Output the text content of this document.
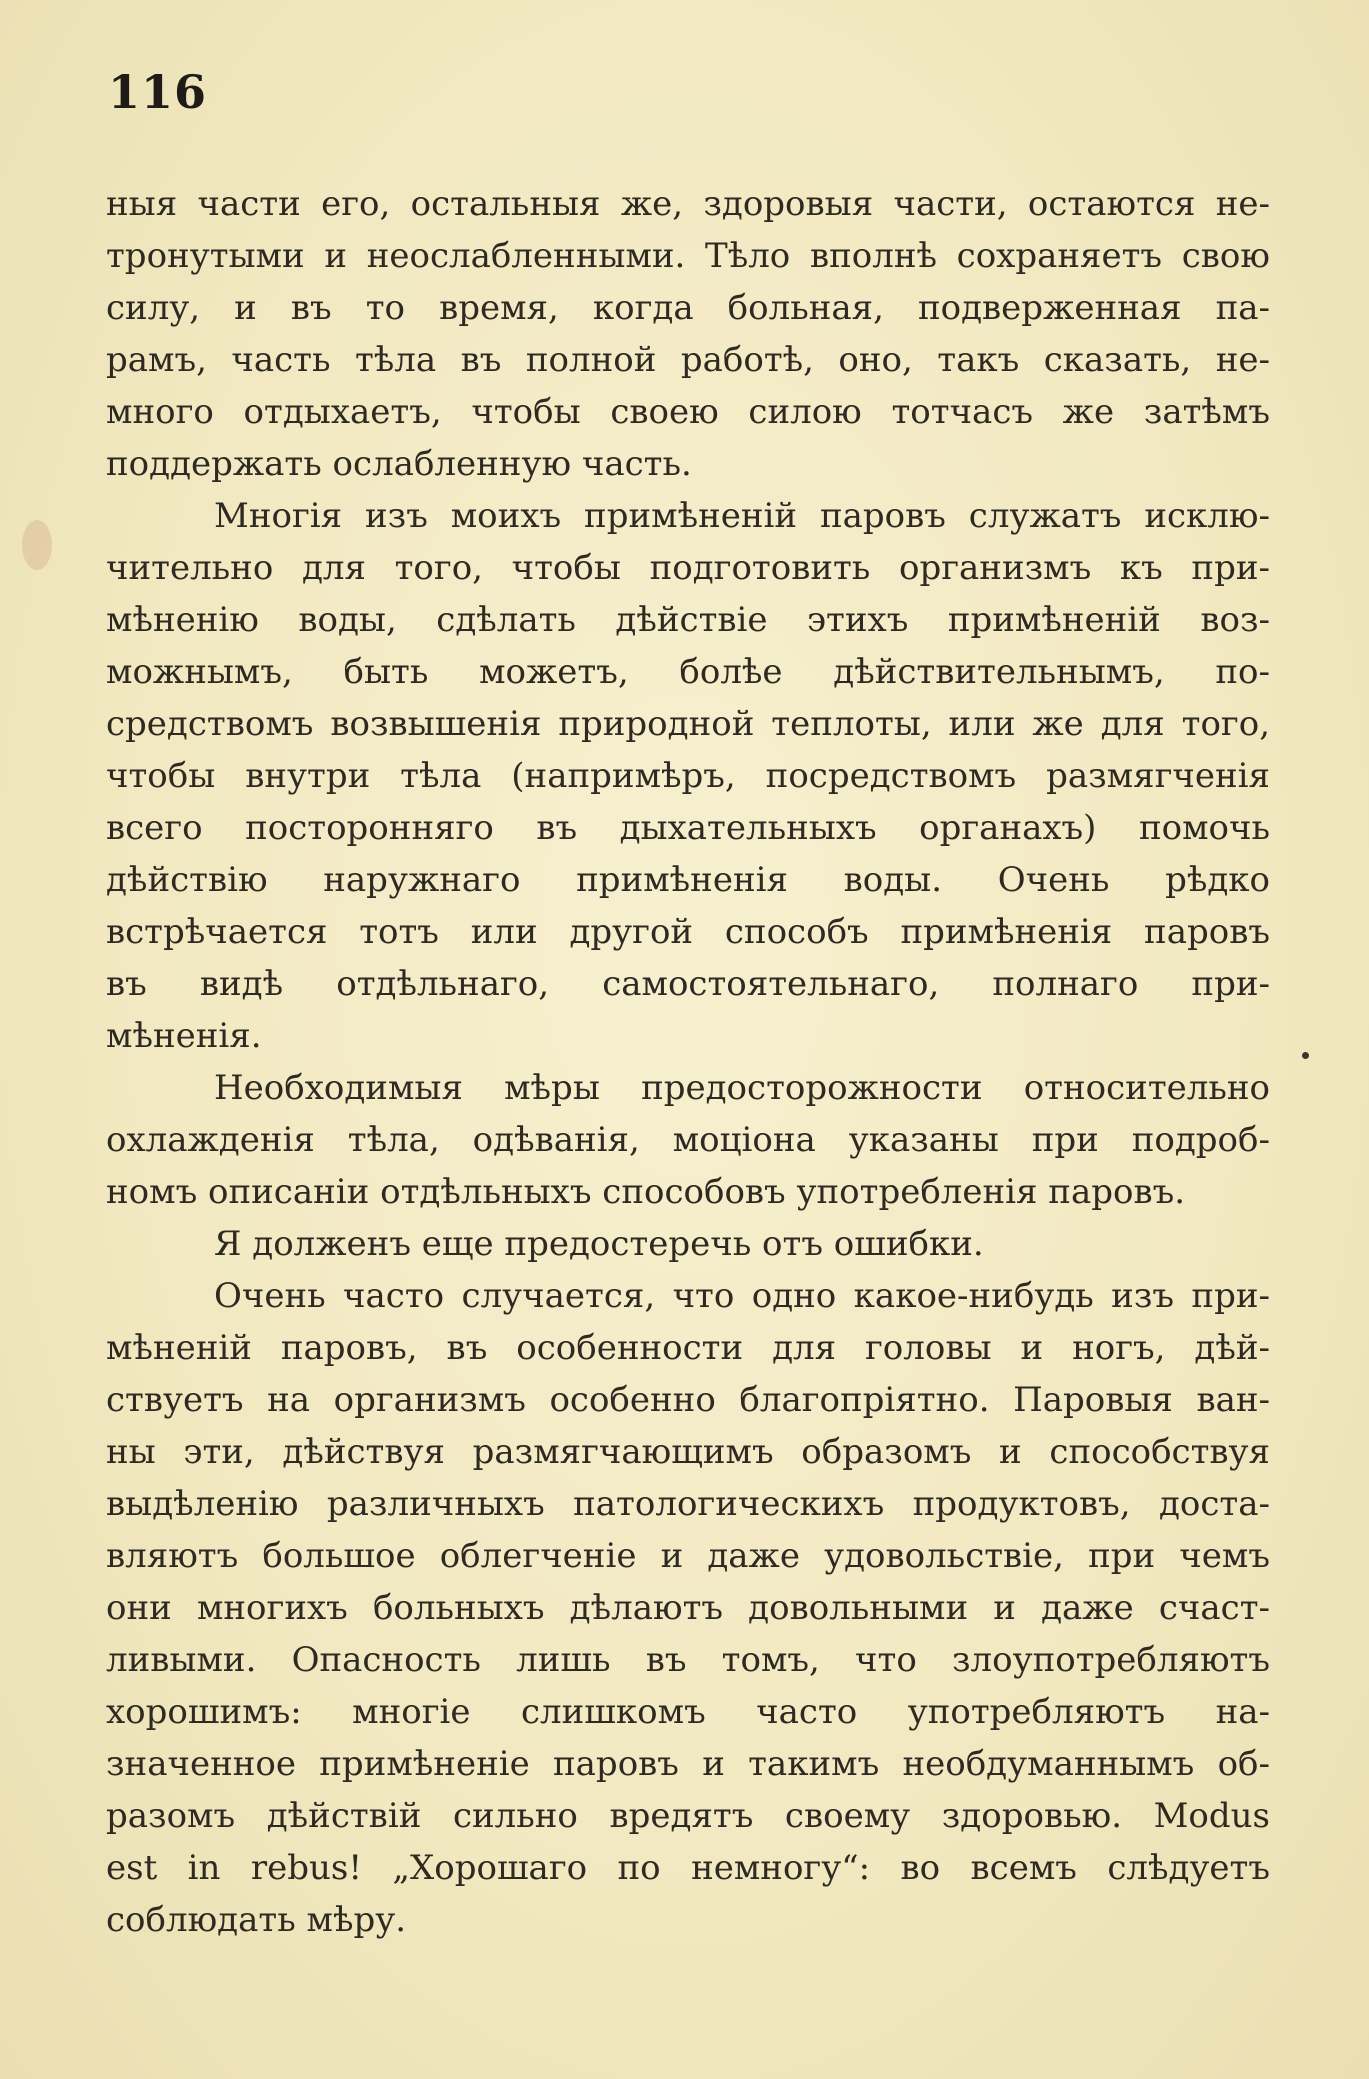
116
ныя части его, остальныя же, здоровыя части, остаются не-
тронутыми и неослабленными. Тѣло вполнѣ сохраняетъ свою
силу, и въ то время, когда больная, подверженная па-
рамъ, часть тѣла въ полной работѣ, оно, такъ сказать, не-
много отдыхаетъ, чтобы своею силою тотчасъ же затѣмъ
поддержать ослабленную часть.
Многія изъ моихъ примѣненій паровъ служатъ исклю-
чительно для того, чтобы подготовить организмъ къ при-
мѣненію воды, сдѣлать дѣйствіе этихъ примѣненій воз-
можнымъ, быть можетъ, болѣе дѣйствительнымъ, по-
средствомъ возвышенія природной теплоты, или же для того,
чтобы внутри тѣла (напримѣръ, посредствомъ размягченія
всего посторонняго въ дыхательныхъ органахъ) помочь
дѣйствію наружнаго примѣненія воды. Очень рѣдко
встрѣчается тотъ или другой способъ примѣненія паровъ
въ видѣ отдѣльнаго, самостоятельнаго, полнаго при-
мѣненія.
Необходимыя мѣры предосторожности относительно
охлажденія тѣла, одѣванія, моціона указаны при подроб-
номъ описаніи отдѣльныхъ способовъ употребленія паровъ.
Я долженъ еще предостеречь отъ ошибки.
Очень часто случается, что одно какое-нибудь изъ при-
мѣненій паровъ, въ особенности для головы и ногъ, дѣй-
ствуетъ на организмъ особенно благопріятно. Паровыя ван-
ны эти, дѣйствуя размягчающимъ образомъ и способствуя
выдѣленію различныхъ патологическихъ продуктовъ, доста-
вляютъ большое облегченіе и даже удовольствіе, при чемъ
они многихъ больныхъ дѣлаютъ довольными и даже счаст-
ливыми. Опасность лишь въ томъ, что злоупотребляютъ
хорошимъ: многіе слишкомъ часто употребляютъ на-
значенное примѣненіе паровъ и такимъ необдуманнымъ об-
разомъ дѣйствій сильно вредятъ своему здоровью. Modus
est in rebus! „Хорошаго по немногу“: во всемъ слѣдуетъ
соблюдать мѣру.
